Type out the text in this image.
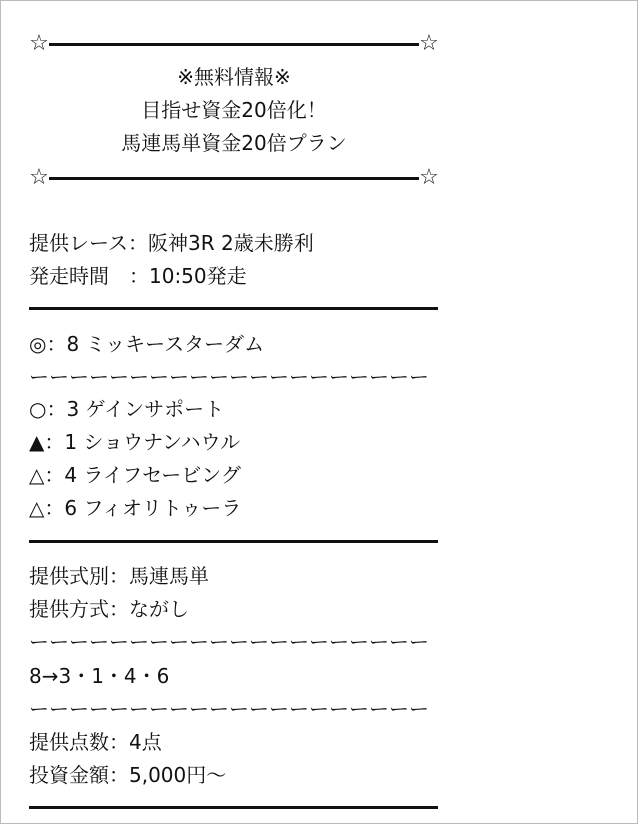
☆	☆
※無料情報※
目指せ資金20倍化！
馬連馬単資金20倍プラン
☆	☆
提供レース：阪神3R 2歳未勝利
発走時間　：10:50発走
◎：8 ミッキースターダム
ーーーーーーーーーーーーーーーーーーーー
○：3 ゲインサポート
▲：1 ショウナンハウル
△：4 ライフセービング
△：6 フィオリトゥーラ
提供式別：馬連馬単
提供方式：ながし
ーーーーーーーーーーーーーーーーーーーー
8→3・1・4・6
ーーーーーーーーーーーーーーーーーーーー
提供点数：4点
投資金額：5,000円～
